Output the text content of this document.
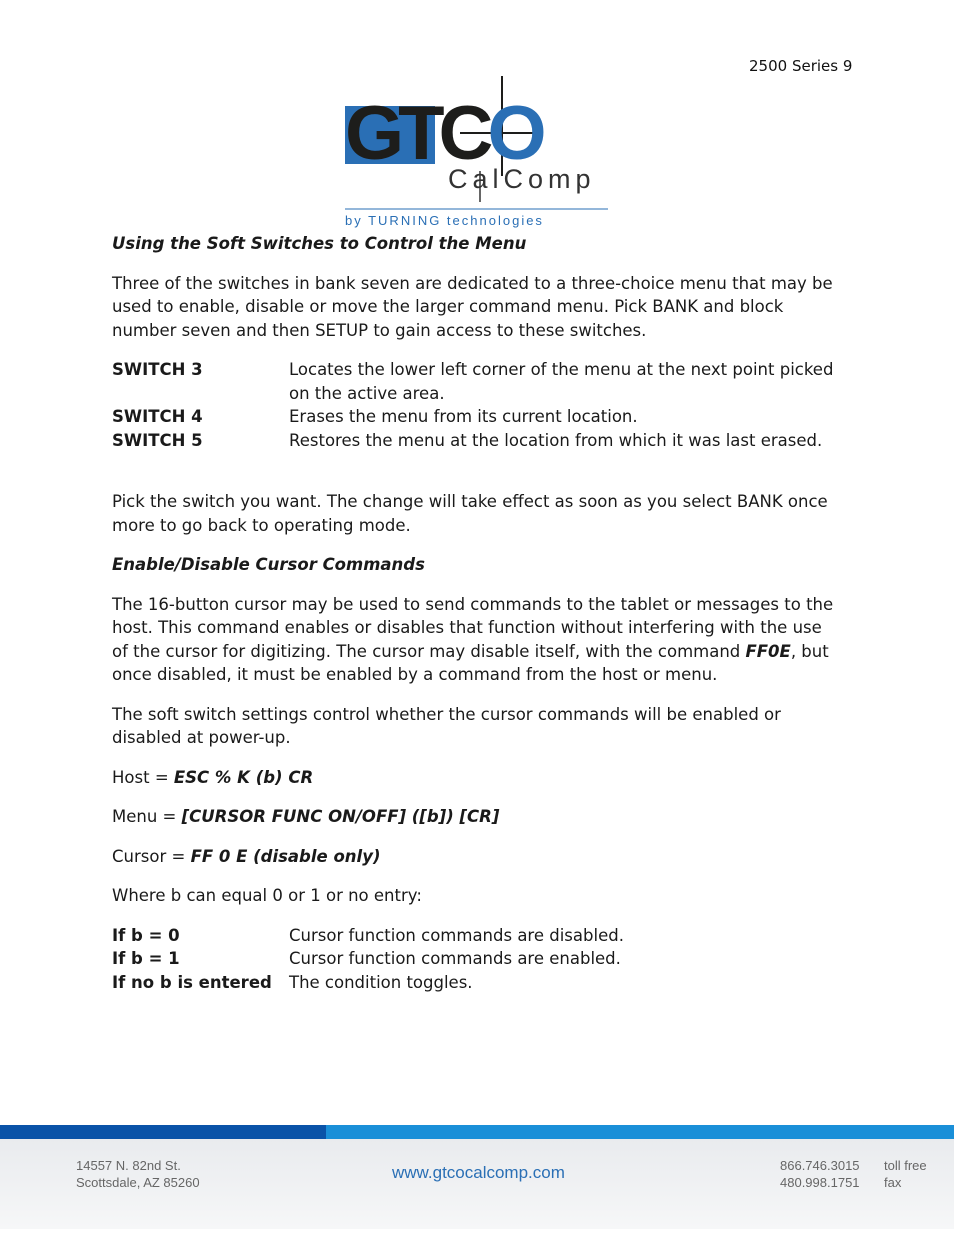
2500 Series 9
GTCO
CalComp
by TURNING technologies

Using the Soft Switches to Control the Menu

Three of the switches in bank seven are dedicated to a three-choice menu that may be used to enable, disable or move the larger command menu. Pick BANK and block number seven and then SETUP to gain access to these switches.

SWITCH 3	Locates the lower left corner of the menu at the next point picked on the active area.
SWITCH 4	Erases the menu from its current location.
SWITCH 5	Restores the menu at the location from which it was last erased.

Pick the switch you want. The change will take effect as soon as you select BANK once more to go back to operating mode.

Enable/Disable Cursor Commands

The 16-button cursor may be used to send commands to the tablet or messages to the host. This command enables or disables that function without interfering with the use of the cursor for digitizing. The cursor may disable itself, with the command FF0E, but once disabled, it must be enabled by a command from the host or menu.

The soft switch settings control whether the cursor commands will be enabled or disabled at power-up.

Host = ESC % K (b) CR

Menu = [CURSOR FUNC ON/OFF] ([b]) [CR]

Cursor = FF 0 E (disable only)

Where b can equal 0 or 1 or no entry:

If b = 0	Cursor function commands are disabled.
If b = 1	Cursor function commands are enabled.
If no b is entered	The condition toggles.
14557 N. 82nd St.
Scottsdale, AZ 85260
www.gtcocalcomp.com	866.746.3015
480.998.1751
toll free
fax
